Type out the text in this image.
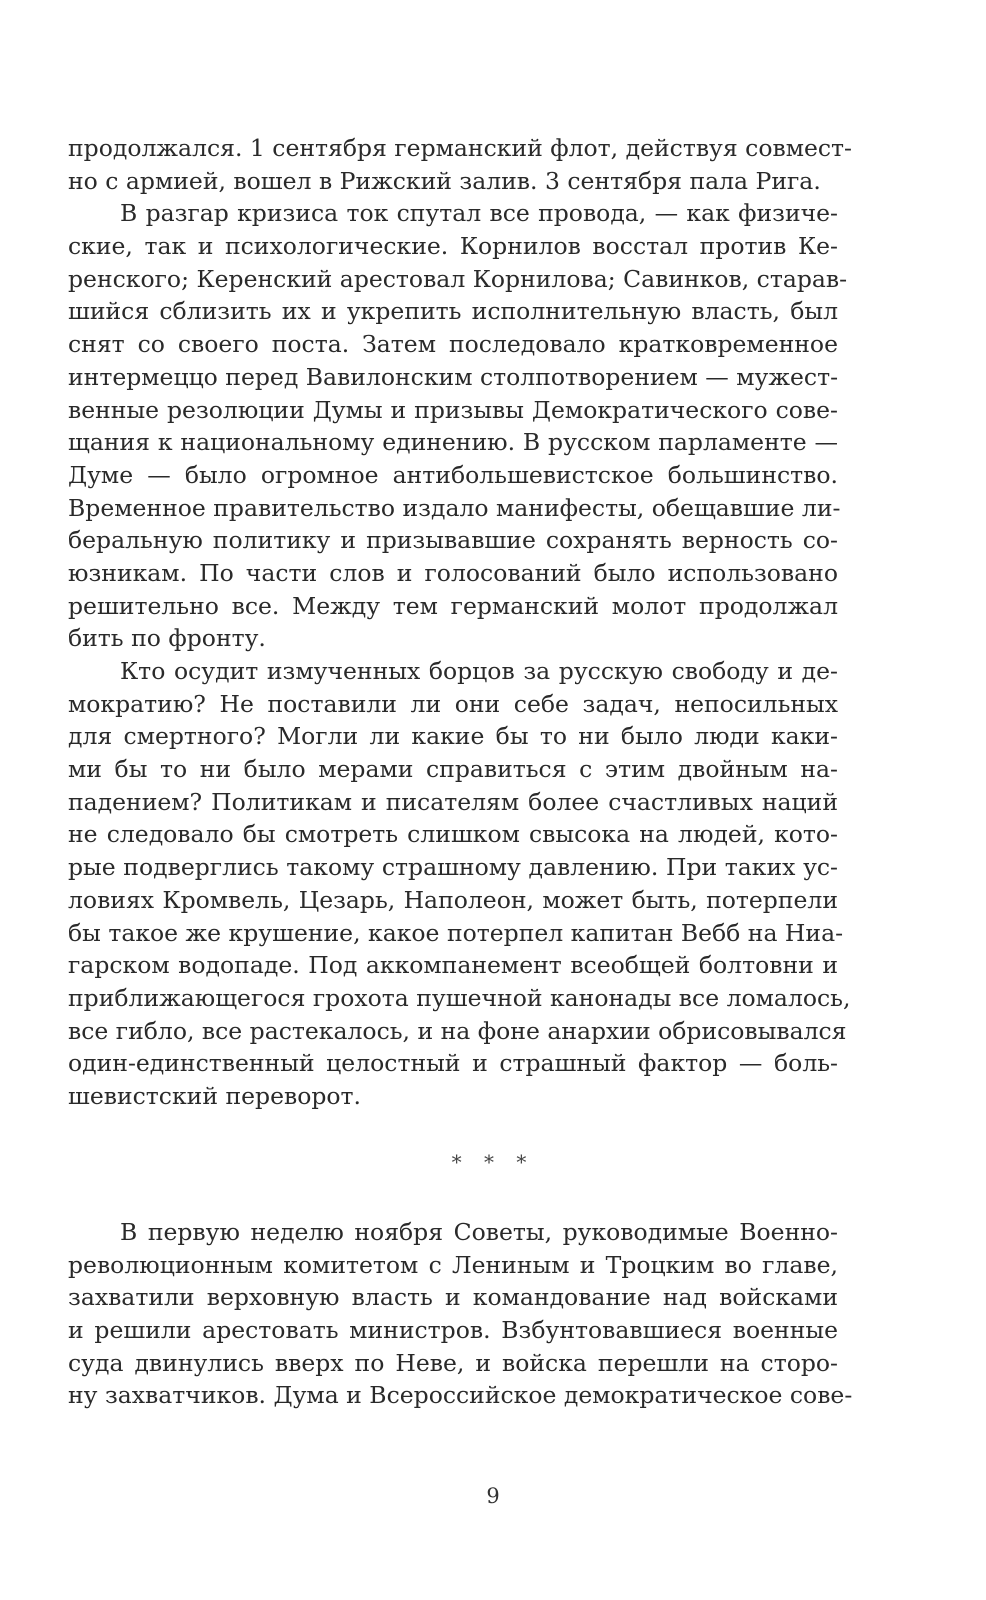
продолжался. 1 сентября германский флот, действуя совмест-
но с армией, вошел в Рижский залив. 3 сентября пала Рига.
В разгар кризиса ток спутал все провода, — как физиче-
ские, так и психологические. Корнилов восстал против Ке-
ренского; Керенский арестовал Корнилова; Савинков, старав-
шийся сблизить их и укрепить исполнительную власть, был
снят со своего поста. Затем последовало кратковременное
интермеццо перед Вавилонским столпотворением — мужест-
венные резолюции Думы и призывы Демократического сове-
щания к национальному единению. В русском парламенте —
Думе — было огромное антибольшевистское большинство.
Временное правительство издало манифесты, обещавшие ли-
беральную политику и призывавшие сохранять верность со-
юзникам. По части слов и голосований было использовано
решительно все. Между тем германский молот продолжал
бить по фронту.
Кто осудит измученных борцов за русскую свободу и де-
мократию? Не поставили ли они себе задач, непосильных
для смертного? Могли ли какие бы то ни было люди каки-
ми бы то ни было мерами справиться с этим двойным на-
падением? Политикам и писателям более счастливых наций
не следовало бы смотреть слишком свысока на людей, кото-
рые подверглись такому страшному давлению. При таких ус-
ловиях Кромвель, Цезарь, Наполеон, может быть, потерпели
бы такое же крушение, какое потерпел капитан Вебб на Ниа-
гарском водопаде. Под аккомпанемент всеобщей болтовни и
приближающегося грохота пушечной канонады все ломалось,
все гибло, все растекалось, и на фоне анархии обрисовывался
один-единственный целостный и страшный фактор — боль-
шевистский переворот.
* * *
В первую неделю ноября Советы, руководимые Военно-
революционным комитетом с Лениным и Троцким во главе,
захватили верховную власть и командование над войсками
и решили арестовать министров. Взбунтовавшиеся военные
суда двинулись вверх по Неве, и войска перешли на сторо-
ну захватчиков. Дума и Всероссийское демократическое сове-
9
